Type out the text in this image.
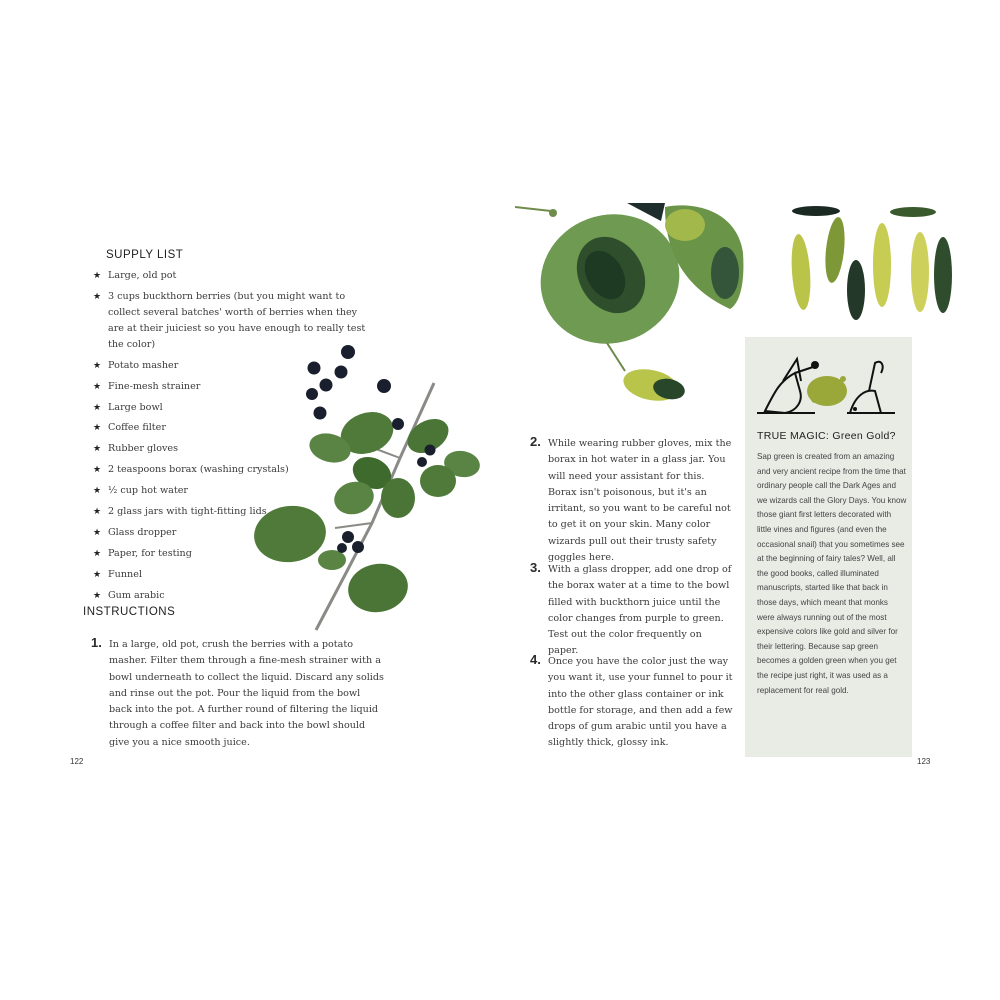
SUPPLY LIST
★ Large, old pot
★ 3 cups buckthorn berries (but you might want to collect several batches' worth of berries when they are at their juiciest so you have enough to really test the color)
★ Potato masher
★ Fine-mesh strainer
★ Large bowl
★ Coffee filter
★ Rubber gloves
★ 2 teaspoons borax (washing crystals)
★ ½ cup hot water
★ 2 glass jars with tight-fitting lids
★ Glass dropper
★ Paper, for testing
★ Funnel
★ Gum arabic
INSTRUCTIONS
1. In a large, old pot, crush the berries with a potato masher. Filter them through a fine-mesh strainer with a bowl underneath to collect the liquid. Discard any solids and rinse out the pot. Pour the liquid from the bowl back into the pot. A further round of filtering the liquid through a coffee filter and back into the bowl should give you a nice smooth juice.
122
2. While wearing rubber gloves, mix the borax in hot water in a glass jar. You will need your assistant for this. Borax isn't poisonous, but it's an irritant, so you want to be careful not to get it on your skin. Many color wizards pull out their trusty safety goggles here.
3. With a glass dropper, add one drop of the borax water at a time to the bowl filled with buckthorn juice until the color changes from purple to green. Test out the color frequently on paper.
4. Once you have the color just the way you want it, use your funnel to pour it into the other glass container or ink bottle for storage, and then add a few drops of gum arabic until you have a slightly thick, glossy ink.
TRUE MAGIC: Green Gold?
Sap green is created from an amazing and very ancient recipe from the time that ordinary people call the Dark Ages and we wizards call the Glory Days. You know those giant first letters decorated with little vines and figures (and even the occasional snail) that you sometimes see at the beginning of fairy tales? Well, all the good books, called illuminated manuscripts, started like that back in those days, which meant that monks were always running out of the most expensive colors like gold and silver for their lettering. Because sap green becomes a golden green when you get the recipe just right, it was used as a replacement for real gold.
123
